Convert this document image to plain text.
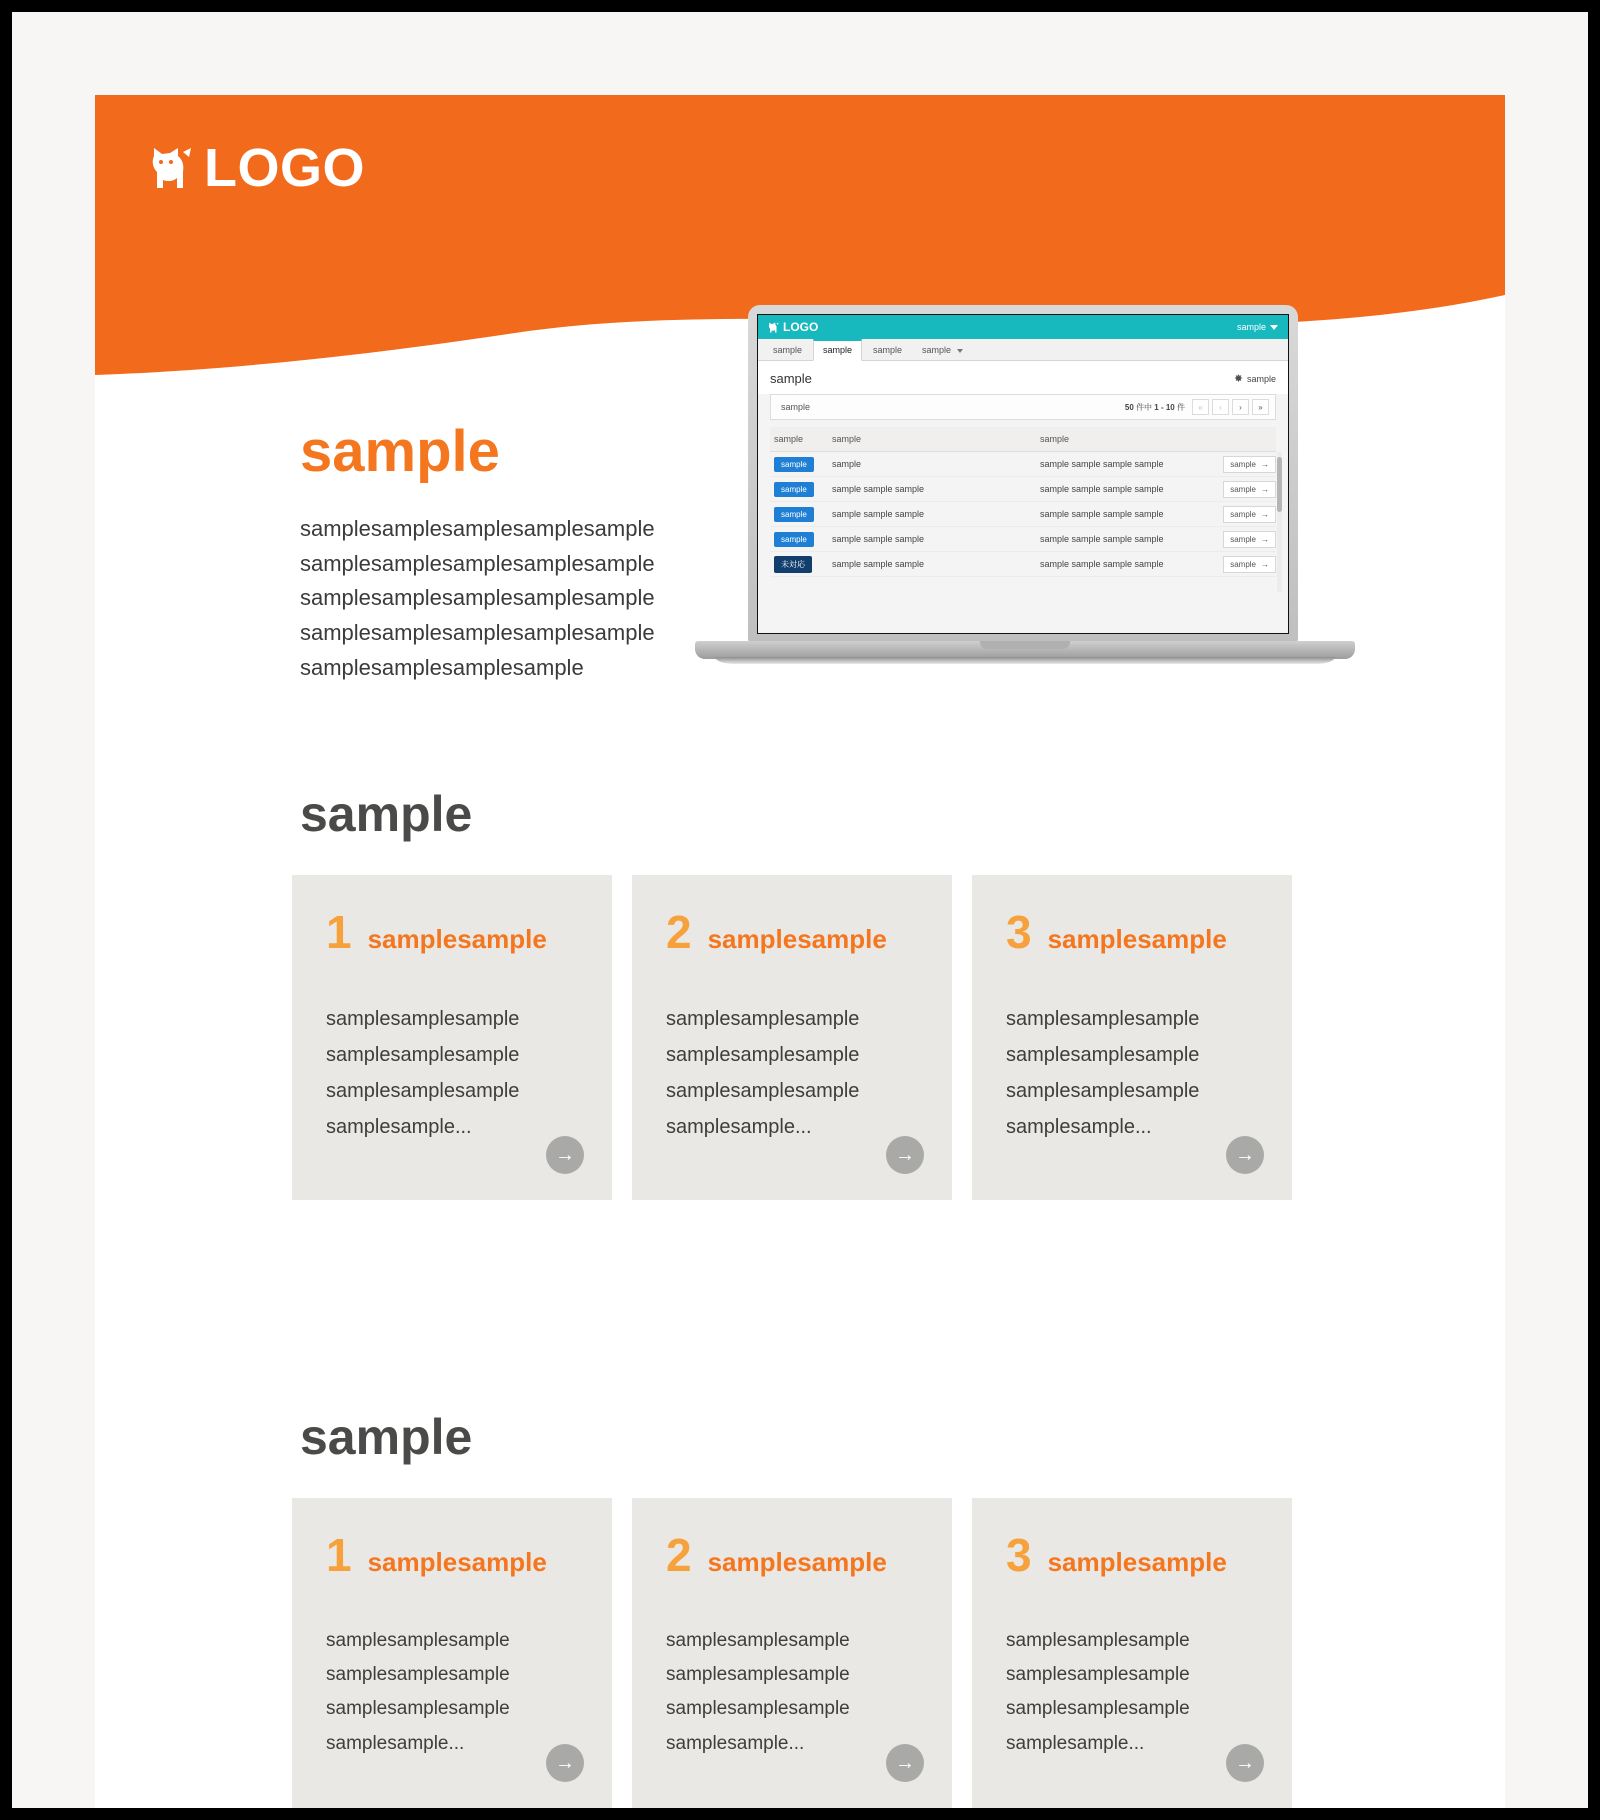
LOGO
sample
samplesamplesamplesamplesample samplesamplesamplesamplesample samplesamplesamplesamplesample samplesamplesamplesamplesample samplesamplesamplesample
LOGO	sample
sample	sample	sample	sample
sample	sample
sample	50 件中 1 - 10 件	«	‹	›	»
sample	sample	sample
sample	sample	sample sample sample sample	sample →
sample	sample sample sample	sample sample sample sample	sample →
sample	sample sample sample	sample sample sample sample	sample →
sample	sample sample sample	sample sample sample sample	sample →
未対応	sample sample sample	sample sample sample sample	sample →
sample
1 samplesample
samplesamplesample samplesamplesample samplesamplesample samplesample...
→
2 samplesample
samplesamplesample samplesamplesample samplesamplesample samplesample...
→
3 samplesample
samplesamplesample samplesamplesample samplesamplesample samplesample...
→
sample
1 samplesample
samplesamplesample samplesamplesample samplesamplesample samplesample...
→
2 samplesample
samplesamplesample samplesamplesample samplesamplesample samplesample...
→
3 samplesample
samplesamplesample samplesamplesample samplesamplesample samplesample...
→
